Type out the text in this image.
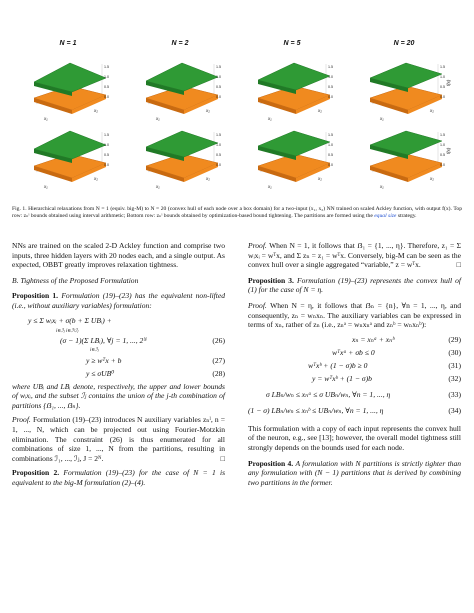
1.5
1.0
0.5
0.0
x₁
x₂
N = 1
1.5
1.0
0.5
0.0
x₁
x₂
N = 2
1.5
1.0
0.5
0.0
x₁
x₂
N = 5
1.5
1.0
0.5
0.0
x₁
x₂
f(x)
N = 20
1.5
1.0
0.5
0.0
x₁
x₂
1.5
1.0
0.5
0.0
x₁
x₂
1.5
1.0
0.5
0.0
x₁
x₂
1.5
1.0
0.5
0.0
x₁
x₂
f(x)
Fig. 1. Hierarchical relaxations from N = 1 (equiv. big-M) to N = 20 (convex hull of each node over a box domain) for a two-input (x₁, x₂) NN trained on scaled Ackley function, with output f(x). Top row: zₙˡ bounds obtained using interval arithmetic; Bottom row: zₙˡ bounds obtained by optimization-based bound tightening. The partitions are formed using the equal size strategy.

NNs are trained on the scaled 2-D Ackley function and comprise two inputs, three hidden layers with 20 nodes each, and a single output. As expected, OBBT greatly improves relaxation tightness.

B. Tightness of the Proposed Formulation

Proposition 1. Formulation (19)–(23) has the equivalent non-lifted (i.e., without auxiliary variables) formulation:

y ≤ Σ wᵢxᵢ + σ(b + Σ UBᵢ) +
i∈ℐⱼ i∈ℐ\ℐⱼ
(σ − 1)(Σ LBᵢ), ∀j = 1, ..., 2ᴺ	(26)
i∈ℐⱼ
y ≥ wᵀx + b	(27)
y ≤ σUB⁰	(28)

where UBᵢ and LBᵢ denote, respectively, the upper and lower bounds of wᵢxᵢ, and the subset ℐⱼ contains the union of the j-th combination of partitions {ẞ₁, ..., ẞₙ}.

Proof. Formulation (19)–(23) introduces N auxiliary variables zₙˡ, n = 1, ..., N, which can be projected out using Fourier-Motzkin elimination. The constraint (26) is thus enumerated for all combinations of size 1, ..., N from the partitions, resulting in combinations ℐ₁, ..., ℐⱼ, J = 2ᴺ.	□

Proposition 2. Formulation (19)–(23) for the case of N = 1 is equivalent to the big-M formulation (2)–(4).

Proof. When N = 1, it follows that ẞ₁ = {1, ..., η}. Therefore, z₁ = Σ wᵢxᵢ = wᵀx, and Σ zₙ = z₁ = wᵀx. Conversely, big-M can be seen as the convex hull over a single aggregated “variable,” z = wᵀx.	□

Proposition 3. Formulation (19)–(23) represents the convex hull of (1) for the case of N = η.

Proof. When N = η, it follows that ẞₙ = {n}, ∀n = 1, ..., η, and consequently, zₙ = wₙxₙ. The auxiliary variables can be expressed in terms of xₙ, rather of zₙ (i.e., zₙᵃ = wₙxₙᵃ and zₙᵇ = wₙxₙᵇ):

xₙ = xₙᵃ + xₙᵇ	(29)
wᵀxᵃ + σb ≤ 0	(30)
wᵀxᵇ + (1 − σ)b ≥ 0	(31)
y = wᵀxᵇ + (1 − σ)b	(32)
σ LBₙ/wₙ ≤ xₙᵃ ≤ σ UBₙ/wₙ, ∀n = 1, ..., η	(33)
(1 − σ) LBₙ/wₙ ≤ xₙᵇ ≤ UBₙ/wₙ, ∀n = 1, ..., η	(34)

This formulation with a copy of each input represents the convex hull of the neuron, e.g., see [13]; however, the overall model tightness still strongly depends on the bounds used for each node.

Proposition 4. A formulation with N partitions is strictly tighter than any formulation with (N − 1) partitions that is derived by combining two partitions in the former.
